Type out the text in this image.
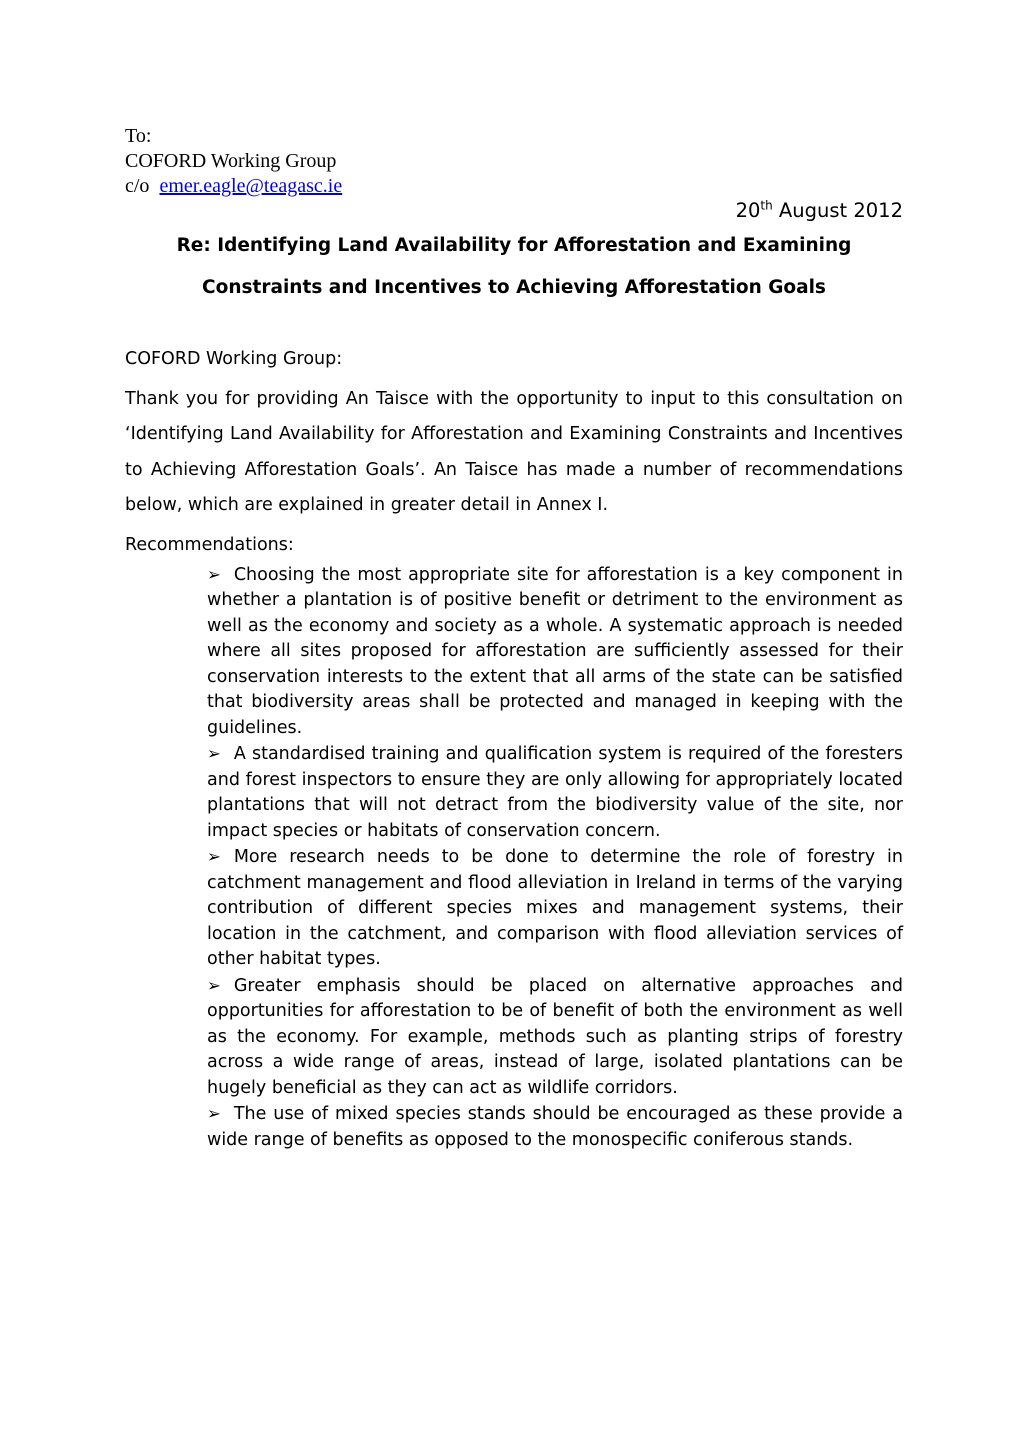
To:
COFORD Working Group
c/o emer.eagle@teagasc.ie
20th August 2012
Re: Identifying Land Availability for Afforestation and Examining
Constraints and Incentives to Achieving Afforestation Goals
COFORD Working Group:
Thank you for providing An Taisce with the opportunity to input to this consultation on ‘Identifying Land Availability for Afforestation and Examining Constraints and Incentives to Achieving Afforestation Goals’. An Taisce has made a number of recommendations below, which are explained in greater detail in Annex I.
Recommendations:
➢ Choosing the most appropriate site for afforestation is a key component in whether a plantation is of positive benefit or detriment to the environment as well as the economy and society as a whole. A systematic approach is needed where all sites proposed for afforestation are sufficiently assessed for their conservation interests to the extent that all arms of the state can be satisfied that biodiversity areas shall be protected and managed in keeping with the guidelines.
➢ A standardised training and qualification system is required of the foresters and forest inspectors to ensure they are only allowing for appropriately located plantations that will not detract from the biodiversity value of the site, nor impact species or habitats of conservation concern.
➢ More research needs to be done to determine the role of forestry in catchment management and flood alleviation in Ireland in terms of the varying contribution of different species mixes and management systems, their location in the catchment, and comparison with flood alleviation services of other habitat types.
➢ Greater emphasis should be placed on alternative approaches and opportunities for afforestation to be of benefit of both the environment as well as the economy. For example, methods such as planting strips of forestry across a wide range of areas, instead of large, isolated plantations can be hugely beneficial as they can act as wildlife corridors.
➢ The use of mixed species stands should be encouraged as these provide a wide range of benefits as opposed to the monospecific coniferous stands.
